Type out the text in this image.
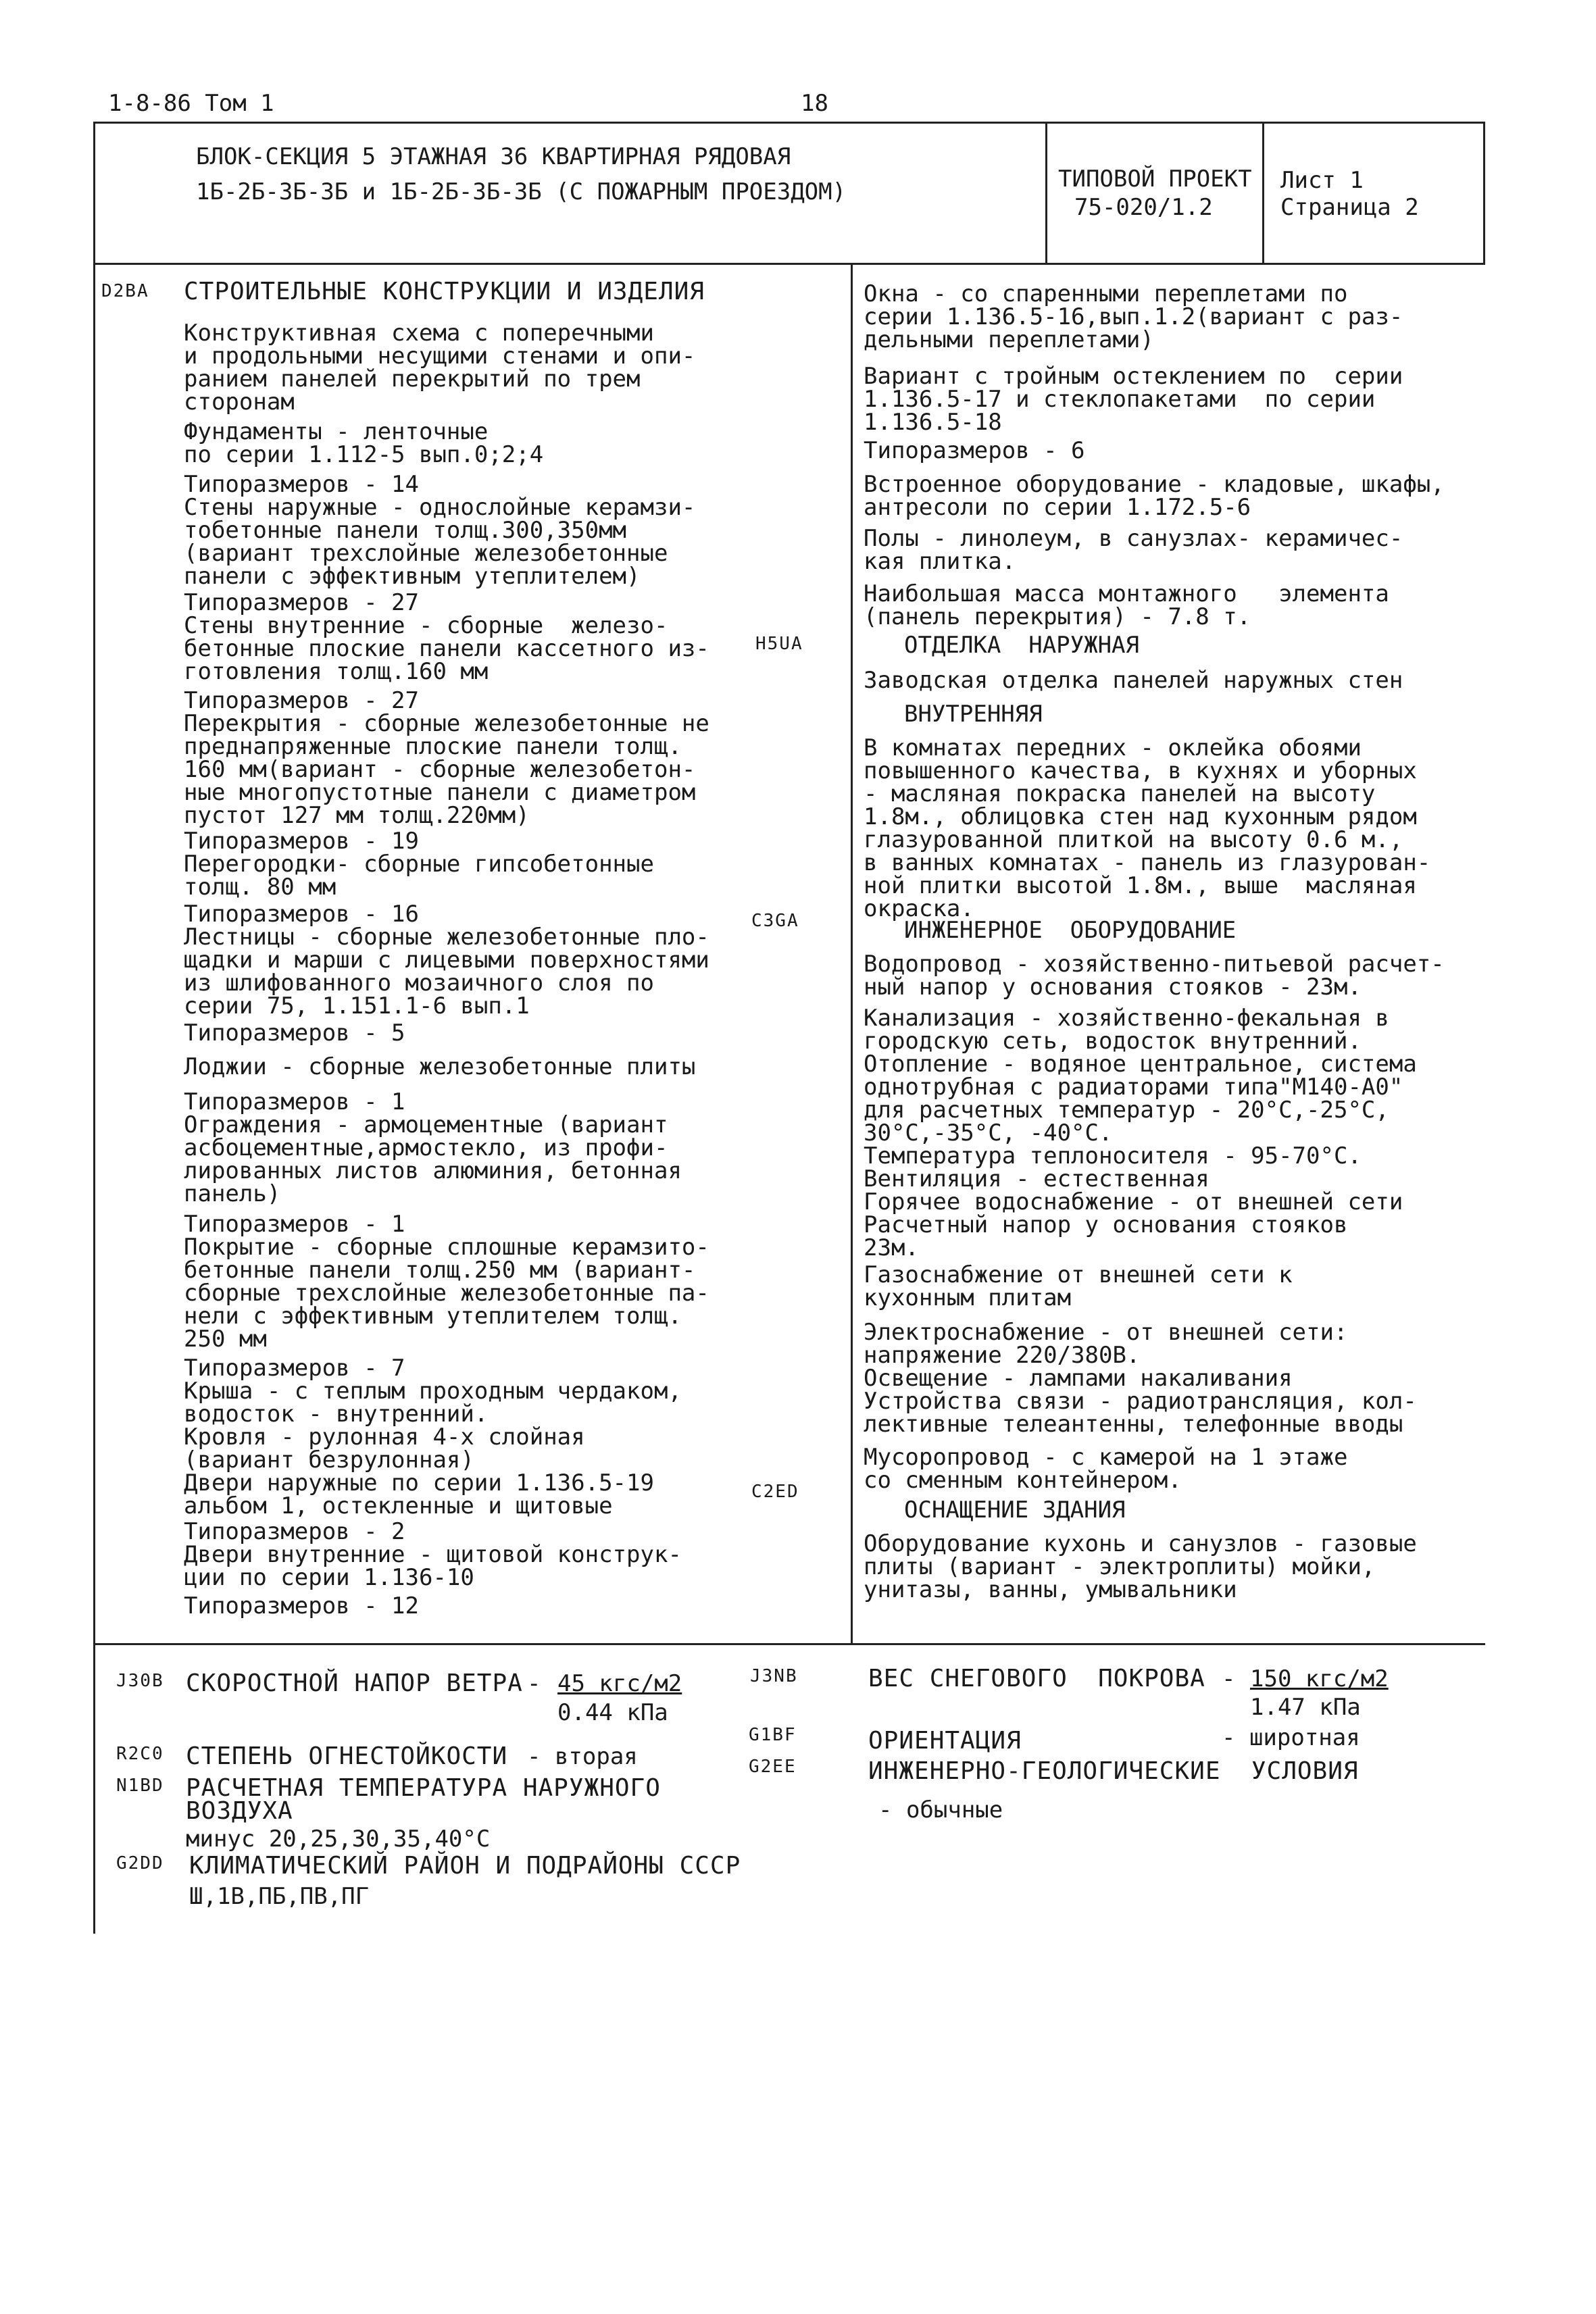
1-8-86 Том 1	18
БЛОК-СЕКЦИЯ 5 ЭТАЖНАЯ 36 КВАРТИРНАЯ РЯДОВАЯ
1Б-2Б-3Б-3Б и 1Б-2Б-3Б-3Б (С ПОЖАРНЫМ ПРОЕЗДОМ)	ТИПОВОЙ ПРОЕКТ
75-020/1.2
Лист 1
Страница 2
D2BA
H5UA
C3GA
C2ED
J30B	J3NB
R2C0
G1BF
N1BD
G2EE
G2DD
СТРОИТЕЛЬНЫЕ КОНСТРУКЦИИ И ИЗДЕЛИЯ
Конструктивная схема с поперечными
и продольными несущими стенами и опи-
ранием панелей перекрытий по трем
сторонам
Фундаменты - ленточные
по серии 1.112-5 вып.0;2;4
Типоразмеров - 14
Стены наружные - однослойные керамзи-
тобетонные панели толщ.300,350мм
(вариант трехслойные железобетонные
панели с эффективным утеплителем)
Типоразмеров - 27
Стены внутренние - сборные  железо-
бетонные плоские панели кассетного из-
готовления толщ.160 мм
Типоразмеров - 27
Перекрытия - сборные железобетонные не
преднапряженные плоские панели толщ.
160 мм(вариант - сборные железобетон-
ные многопустотные панели с диаметром
пустот 127 мм толщ.220мм)
Типоразмеров - 19
Перегородки- сборные гипсобетонные
толщ. 80 мм
Типоразмеров - 16
Лестницы - сборные железобетонные пло-
щадки и марши с лицевыми поверхностями
из шлифованного мозаичного слоя по
серии 75, 1.151.1-6 вып.1
Типоразмеров - 5
Лоджии - сборные железобетонные плиты
Типоразмеров - 1
Ограждения - армоцементные (вариант
асбоцементные,армостекло, из профи-
лированных листов алюминия, бетонная
панель)
Типоразмеров - 1
Покрытие - сборные сплошные керамзито-
бетонные панели толщ.250 мм (вариант-
сборные трехслойные железобетонные па-
нели с эффективным утеплителем толщ.
250 мм
Типоразмеров - 7
Крыша - с теплым проходным чердаком,
водосток - внутренний.
Кровля - рулонная 4-х слойная
(вариант безрулонная)
Двери наружные по серии 1.136.5-19
альбом 1, остекленные и щитовые
Типоразмеров - 2
Двери внутренние - щитовой конструк-
ции по серии 1.136-10
Типоразмеров - 12
Окна - со спаренными переплетами по
серии 1.136.5-16,вып.1.2(вариант с раз-
дельными переплетами)
Вариант с тройным остеклением по  серии
1.136.5-17 и стеклопакетами  по серии
1.136.5-18
Типоразмеров - 6
Встроенное оборудование - кладовые, шкафы,
антресоли по серии 1.172.5-6
Полы - линолеум, в санузлах- керамичес-
кая плитка.
Наибольшая масса монтажного   элемента
(панель перекрытия) - 7.8 т.
ОТДЕЛКА  НАРУЖНАЯ
Заводская отделка панелей наружных стен
ВНУТРЕННЯЯ
В комнатах передних - оклейка обоями
повышенного качества, в кухнях и уборных
- масляная покраска панелей на высоту
1.8м., облицовка стен над кухонным рядом
глазурованной плиткой на высоту 0.6 м.,
в ванных комнатах - панель из глазурован-
ной плитки высотой 1.8м., выше  масляная
окраска.
ИНЖЕНЕРНОЕ  ОБОРУДОВАНИЕ
Водопровод - хозяйственно-питьевой расчет-
ный напор у основания стояков - 23м.
Канализация - хозяйственно-фекальная в
городскую сеть, водосток внутренний.
Отопление - водяное центральное, система
однотрубная с радиаторами типа"М140-А0"
для расчетных температур - 20°С,-25°С,
30°С,-35°С, -40°С.
Температура теплоносителя - 95-70°С.
Вентиляция - естественная
Горячее водоснабжение - от внешней сети
Расчетный напор у основания стояков
23м.
Газоснабжение от внешней сети к
кухонным плитам
Электроснабжение - от внешней сети:
напряжение 220/380В.
Освещение - лампами накаливания
Устройства связи - радиотрансляция, кол-
лективные телеантенны, телефонные вводы
Мусоропровод - с камерой на 1 этаже
со сменным контейнером.
ОСНАЩЕНИЕ ЗДАНИЯ
Оборудование кухонь и санузлов - газовые
плиты (вариант - электроплиты) мойки,
унитазы, ванны, умывальники
СКОРОСТНОЙ НАПОР ВЕТРА - 45 кгс/м2
0.44 кПа
ВЕС СНЕГОВОГО  ПОКРОВА - 150 кгс/м2
1.47 кПа
СТЕПЕНЬ ОГНЕСТОЙКОСТИ - вторая
ОРИЕНТАЦИЯ	- широтная
РАСЧЕТНАЯ ТЕМПЕРАТУРА НАРУЖНОГО
ВОЗДУХА
минус 20,25,30,35,40°С
ИНЖЕНЕРНО-ГЕОЛОГИЧЕСКИЕ  УСЛОВИЯ
- обычные
КЛИМАТИЧЕСКИЙ РАЙОН И ПОДРАЙОНЫ СССР
Ш,1В,ПБ,ПВ,ПГ
